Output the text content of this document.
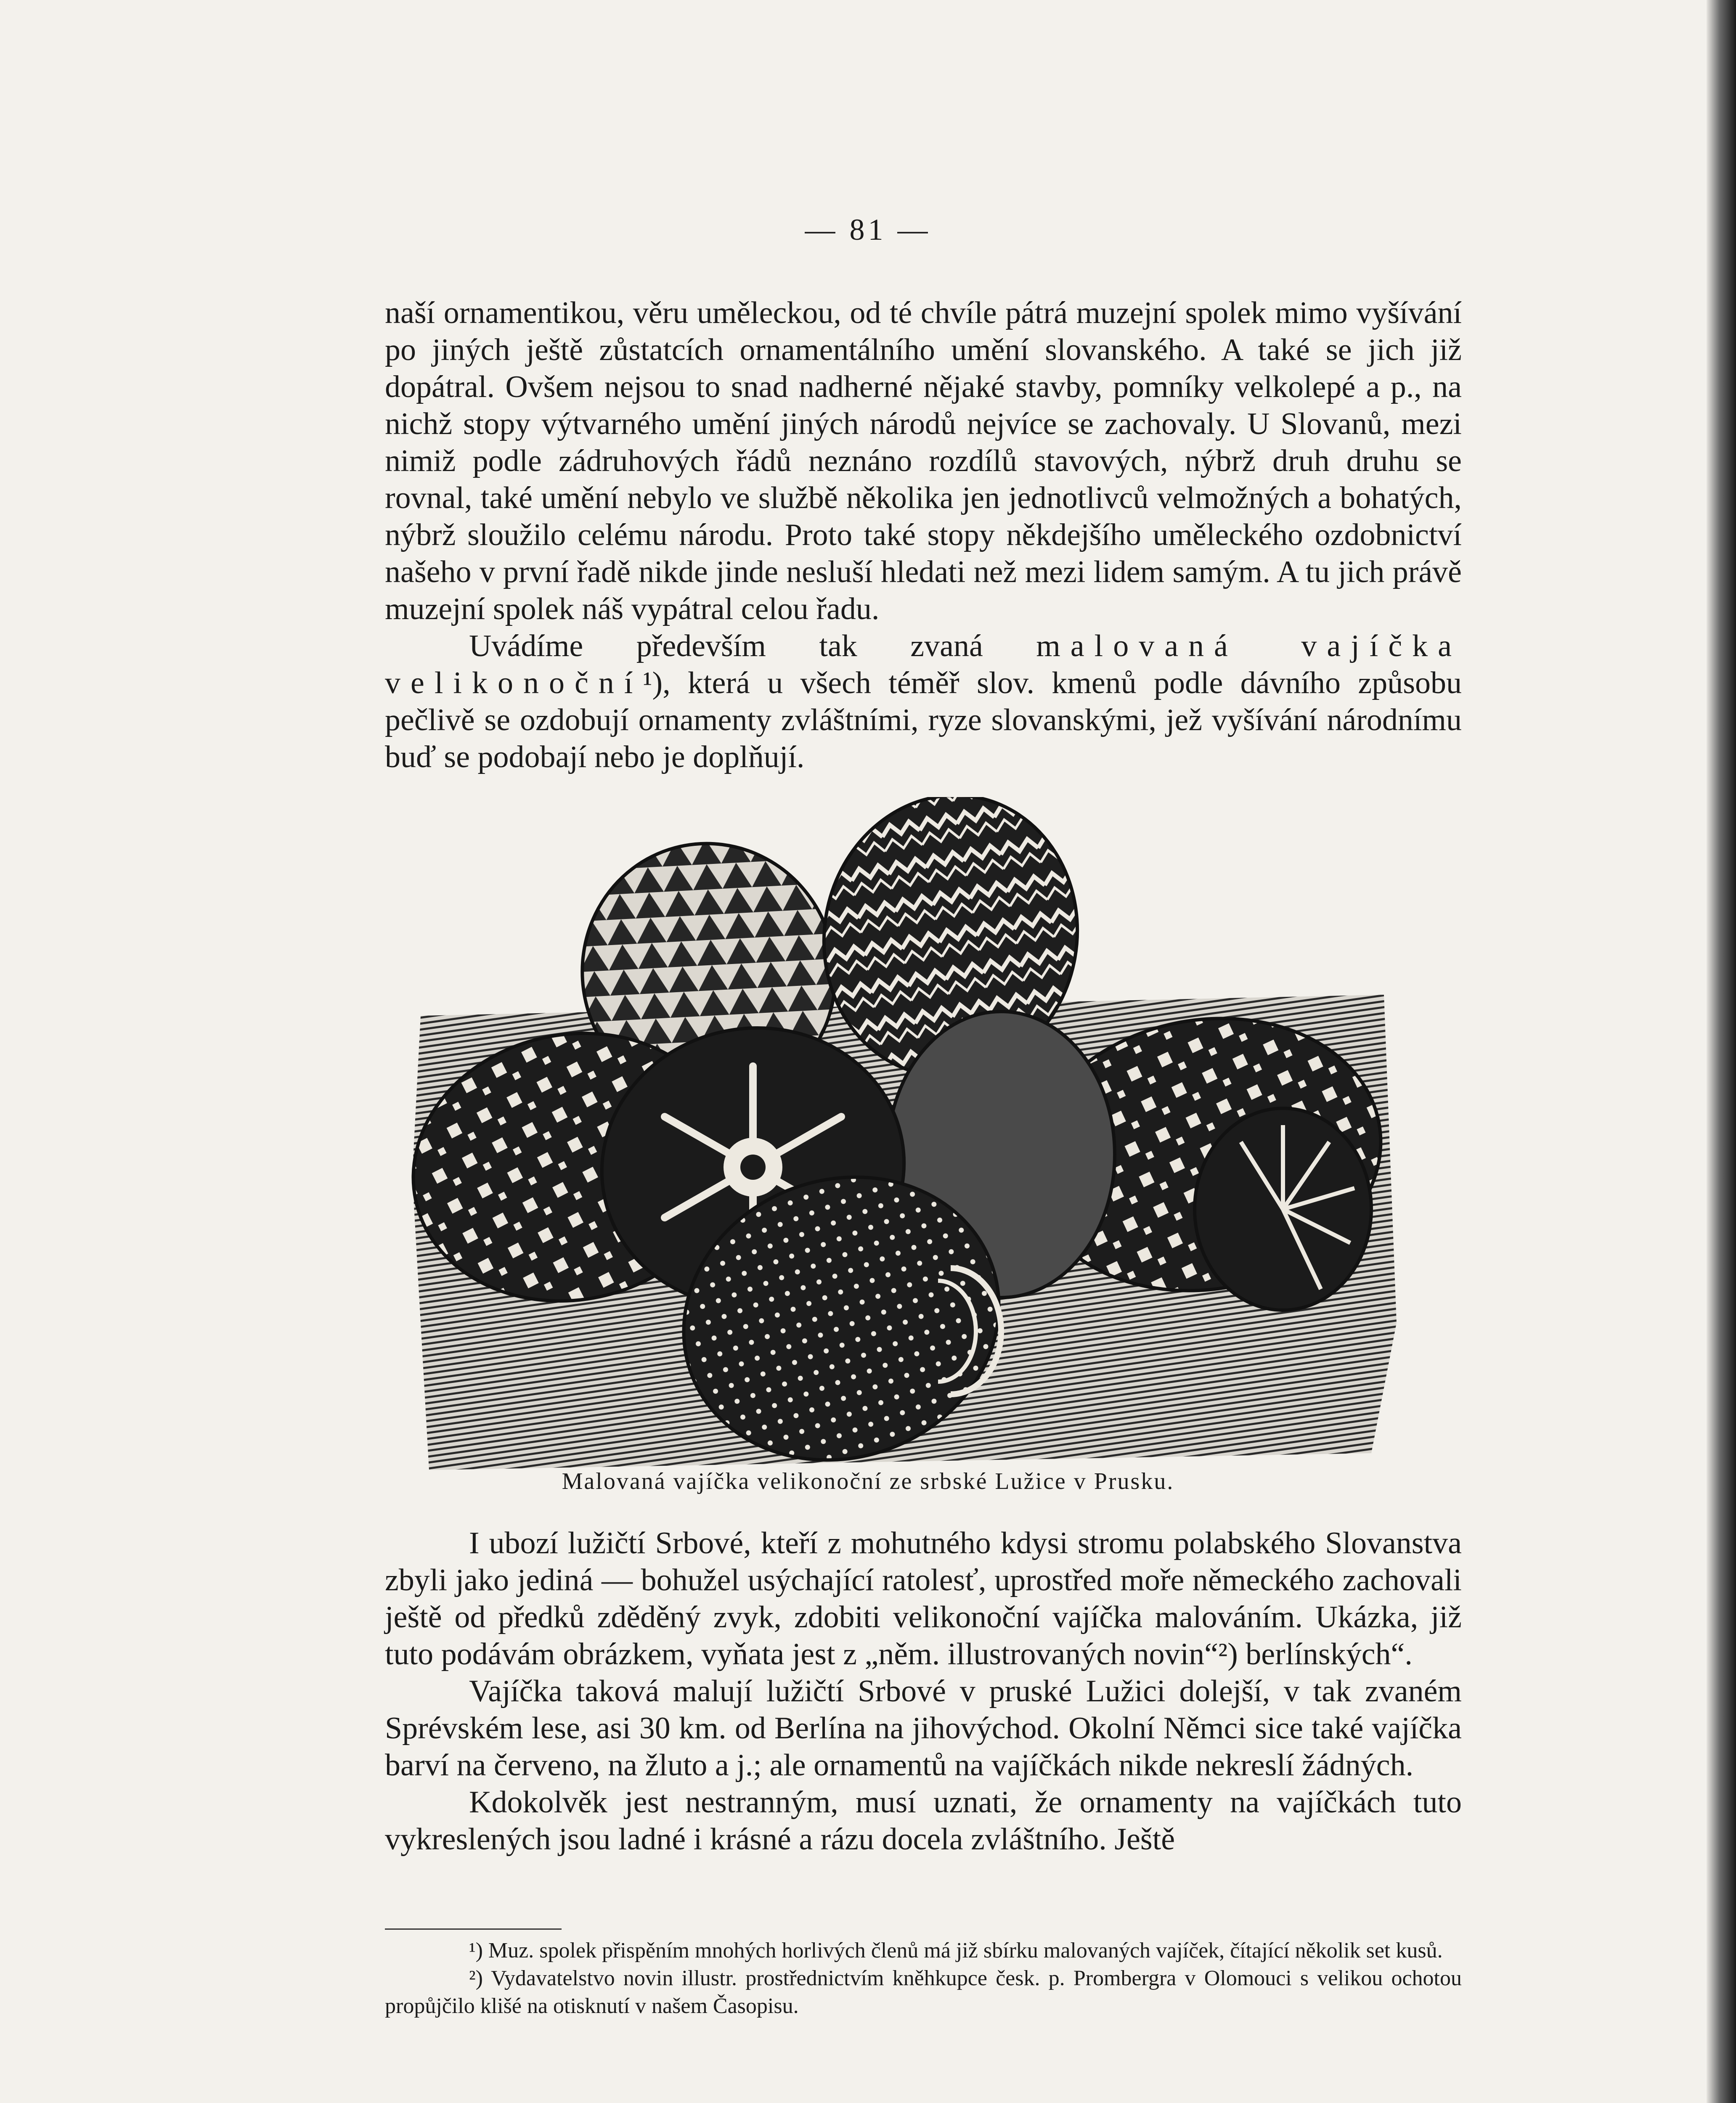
— 81 —

naší ornamentikou, věru uměleckou, od té chvíle pátrá muzejní spolek mimo vyšívání po jiných ještě zůstatcích ornamentálního umění slovanského. A také se jich již dopátral. Ovšem nejsou to snad nadherné nějaké stavby, pomníky velkolepé a p., na nichž stopy výtvarného umění jiných národů nejvíce se zachovaly. U Slovanů, mezi nimiž podle zádruhových řádů neznáno rozdílů stavových, nýbrž druh druhu se rovnal, také umění nebylo ve službě několika jen jednotlivců velmožných a bohatých, nýbrž sloužilo celému národu. Proto také stopy někdejšího uměleckého ozdobnictví našeho v první řadě nikde jinde nesluší hledati než mezi lidem samým. A tu jich právě muzejní spolek náš vypátral celou řadu.

Uvádíme především tak zvaná malovaná vajíčka velikonoční¹), která u všech téměř slov. kmenů podle dávního způsobu pečlivě se ozdobují ornamenty zvláštními, ryze slovanskými, jež vyšívání národnímu buď se podobají nebo je doplňují.

Malovaná vajíčka velikonoční ze srbské Lužice v Prusku.

I ubozí lužičtí Srbové, kteří z mohutného kdysi stromu polabského Slovanstva zbyli jako jediná — bohužel usýchající ratolesť, uprostřed moře německého zachovali ještě od předků zděděný zvyk, zdobiti velikonoční vajíčka malováním. Ukázka, již tuto podávám obrázkem, vyňata jest z „něm. illustrovaných novin“²) berlínských“.

Vajíčka taková malují lužičtí Srbové v pruské Lužici dolejší, v tak zvaném Sprévském lese, asi 30 km. od Berlína na jihovýchod. Okolní Němci sice také vajíčka barví na červeno, na žluto a j.; ale ornamentů na vajíčkách nikde nekreslí žádných.

Kdokolvěk jest nestranným, musí uznati, že ornamenty na vajíčkách tuto vykreslených jsou ladné i krásné a rázu docela zvláštního. Ještě

¹) Muz. spolek přispěním mnohých horlivých členů má již sbírku malovaných vajíček, čítající několik set kusů.

²) Vydavatelstvo novin illustr. prostřednictvím kněhkupce česk. p. Prombergra v Olomouci s velikou ochotou propůjčilo klišé na otisknutí v našem Časopisu.
